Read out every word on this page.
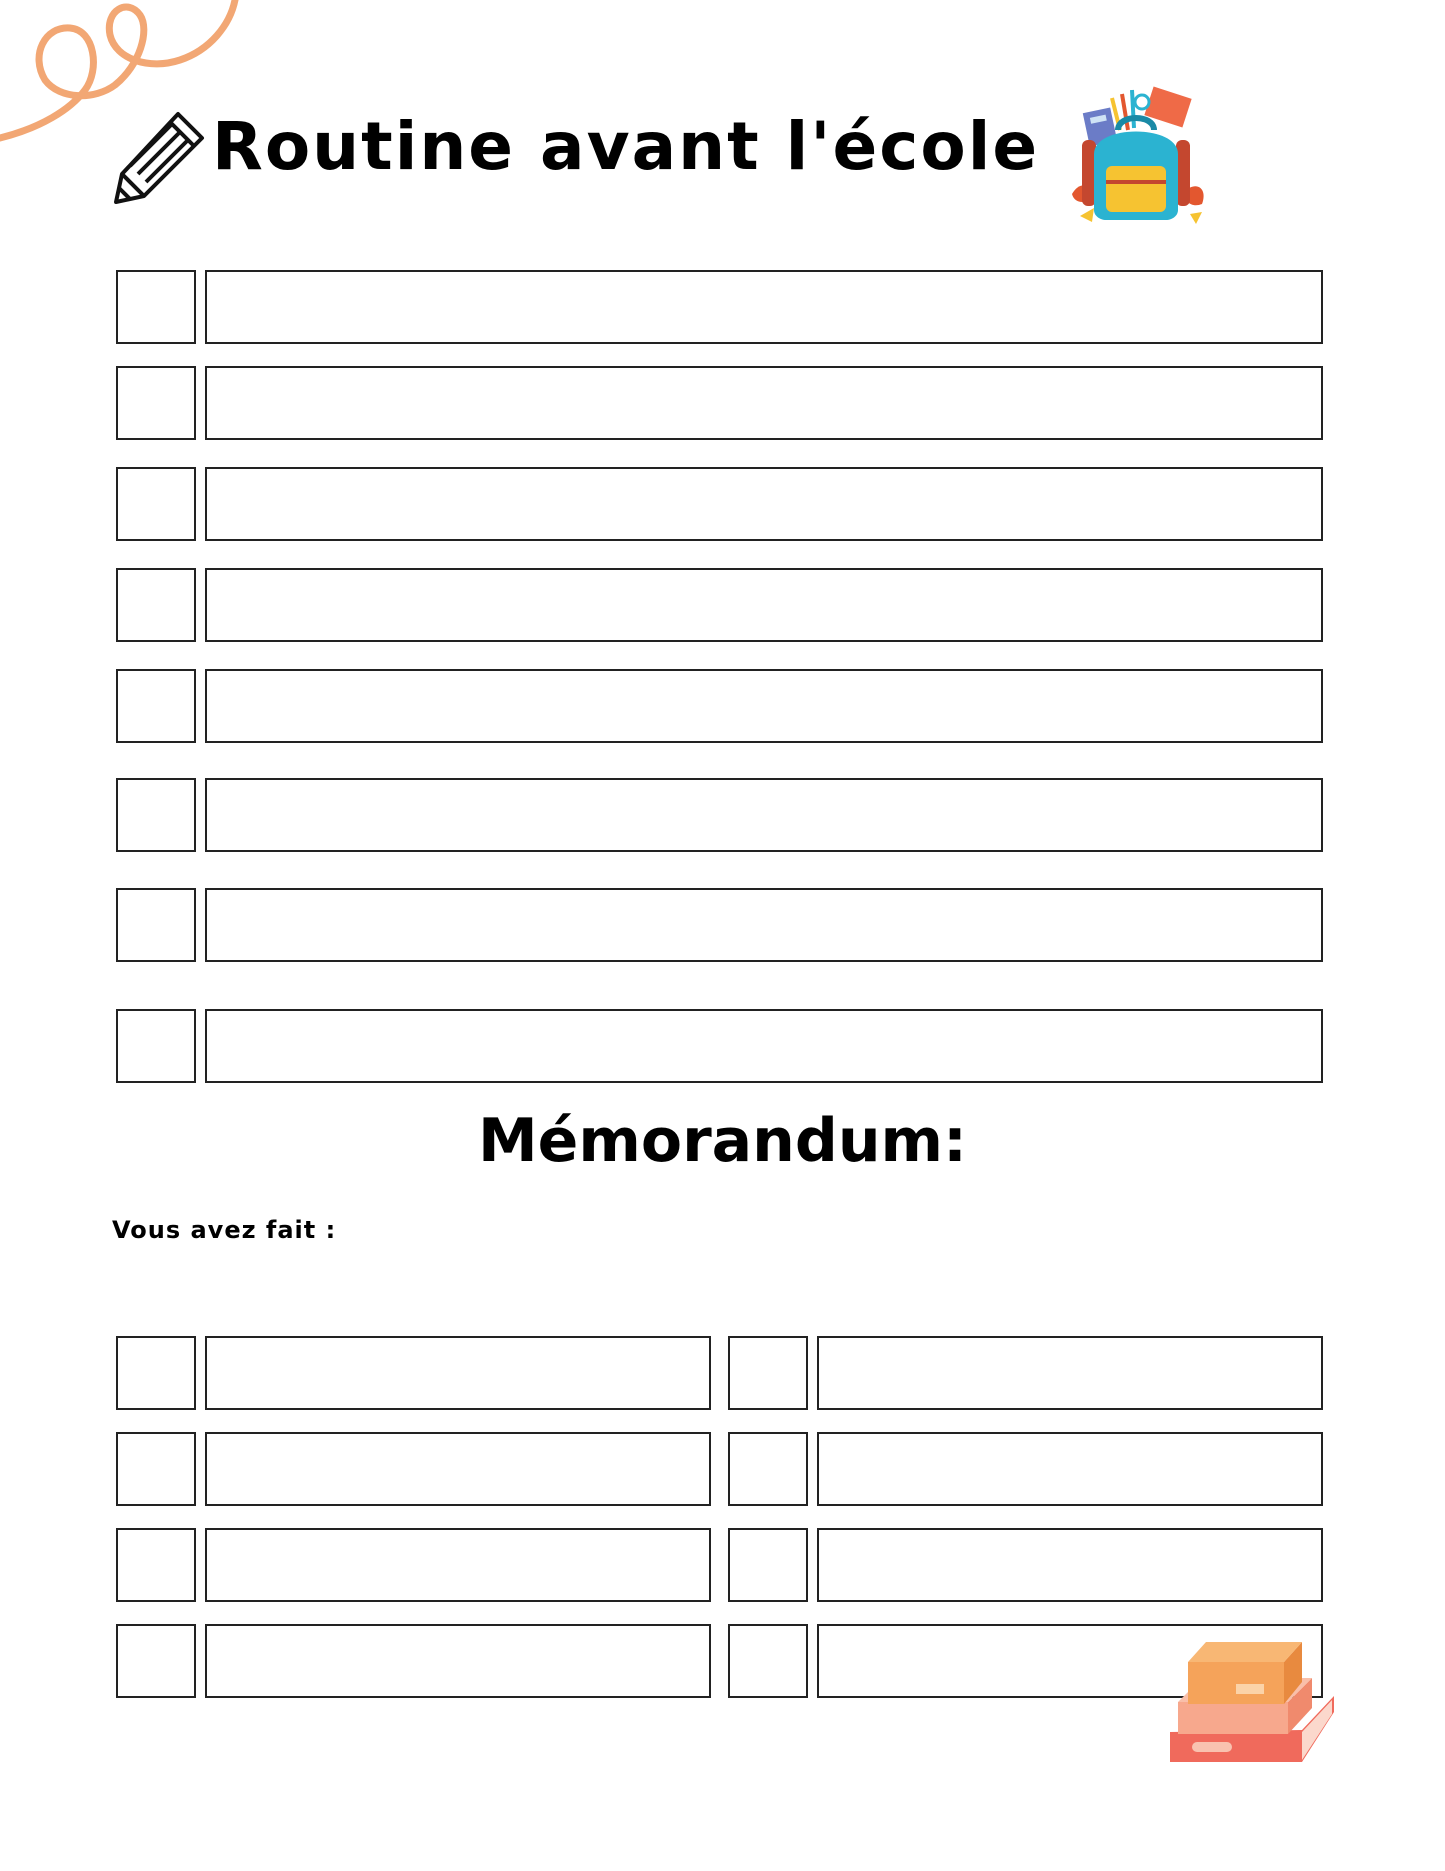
Routine avant l'école
Mémorandum:
Vous avez fait :
